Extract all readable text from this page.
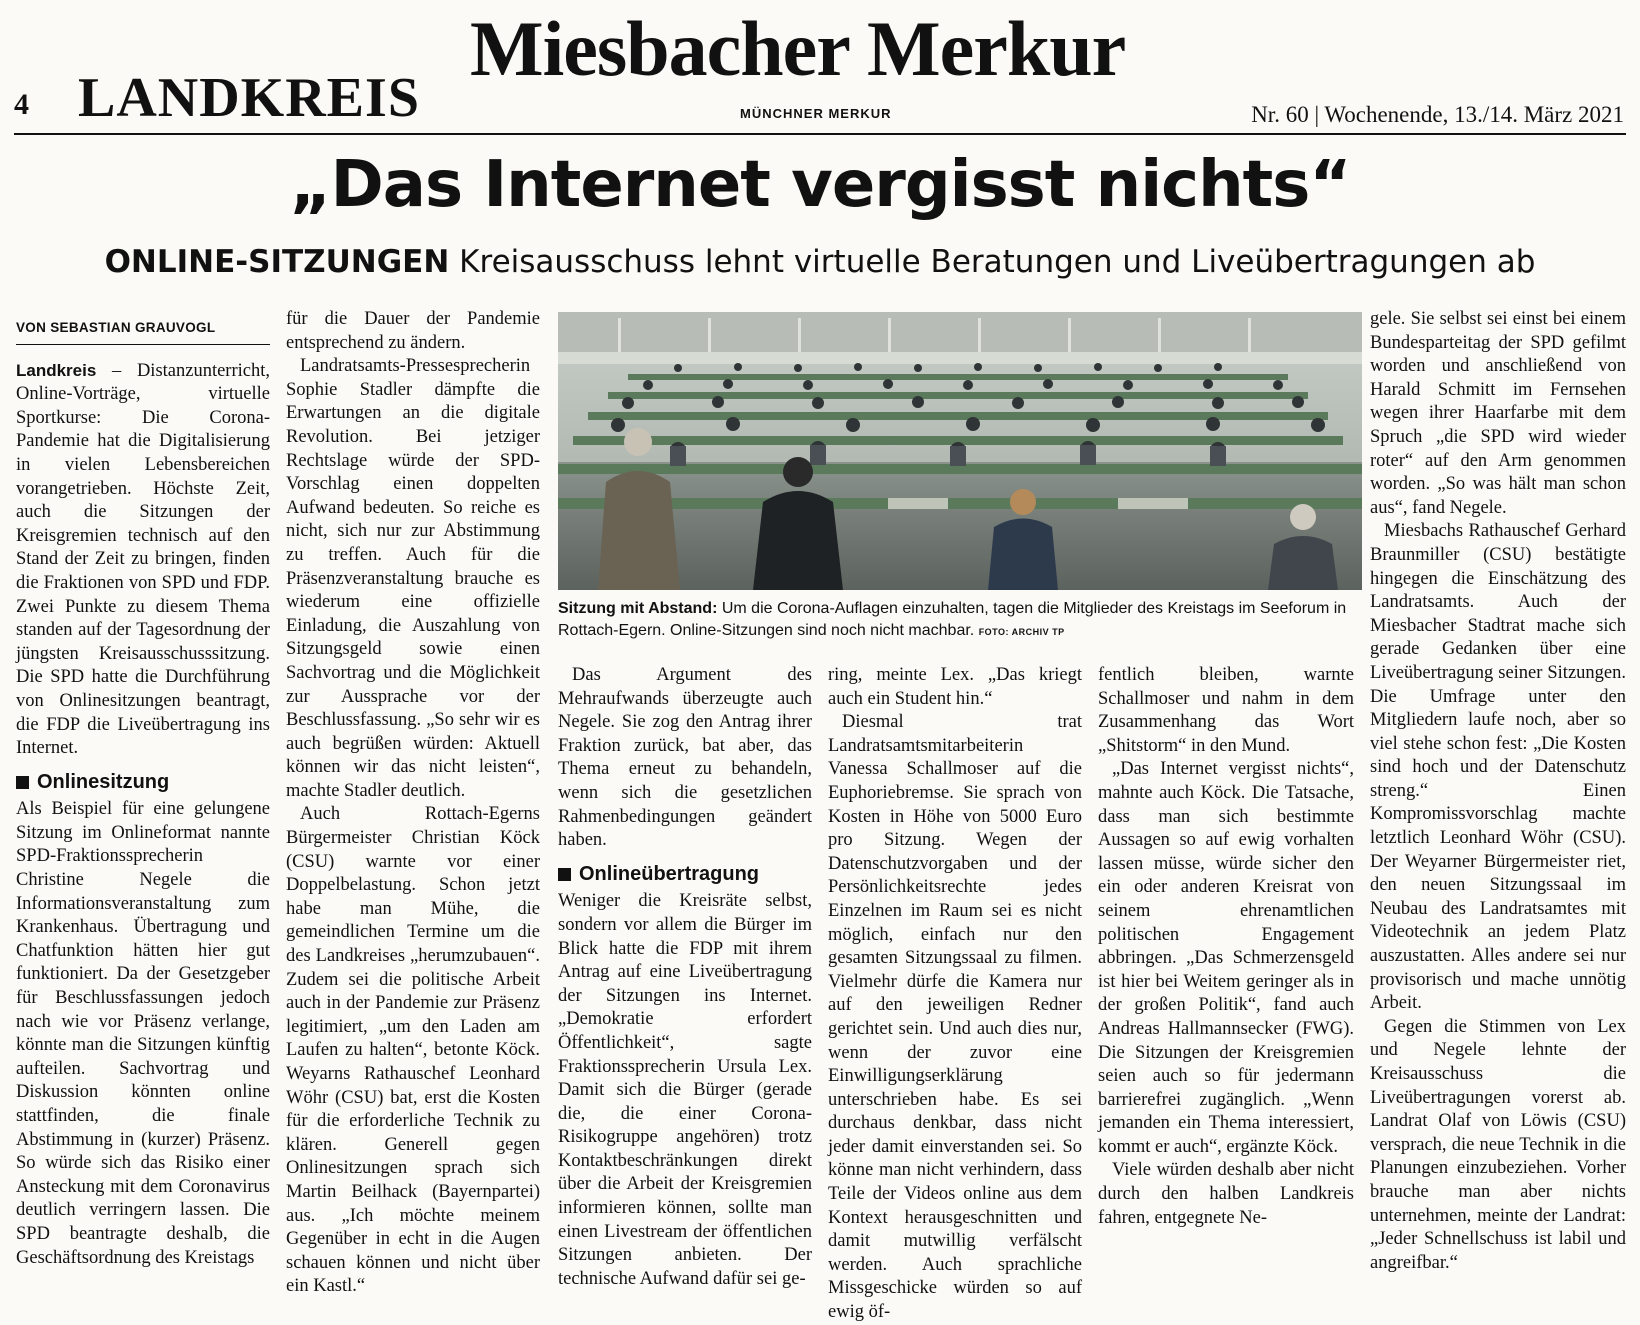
4 LANDKREIS
Miesbacher Merkur
MÜNCHNER MERKUR	Nr. 60 | Wochenende, 13./14. März 2021
„Das Internet vergisst nichts“
ONLINE-SITZUNGEN Kreisausschuss lehnt virtuelle Beratungen und Liveübertragungen ab
VON SEBASTIAN GRAUVOGL

Landkreis – Distanzunterricht, Online-Vorträge, virtuelle Sportkurse: Die Corona-Pandemie hat die Digitalisierung in vielen Lebensbereichen vorangetrieben. Höchste Zeit, auch die Sitzungen der Kreisgremien technisch auf den Stand der Zeit zu bringen, finden die Fraktionen von SPD und FDP. Zwei Punkte zu diesem Thema standen auf der Tagesordnung der jüngsten Kreisausschusssitzung. Die SPD hatte die Durchführung von Onlinesitzungen beantragt, die FDP die Liveübertragung ins Internet.

Onlinesitzung

Als Beispiel für eine gelungene Sitzung im Onlineformat nannte SPD-Fraktionssprecherin Christine Negele die Informationsveranstaltung zum Krankenhaus. Übertragung und Chatfunktion hätten hier gut funktioniert. Da der Gesetzgeber für Beschlussfassungen jedoch nach wie vor Präsenz verlange, könnte man die Sitzungen künftig aufteilen. Sachvortrag und Diskussion könnten online stattfinden, die finale Abstimmung in (kurzer) Präsenz. So würde sich das Risiko einer Ansteckung mit dem Coronavirus deutlich verringern lassen. Die SPD beantragte deshalb, die Geschäftsordnung des Kreistags

für die Dauer der Pandemie entsprechend zu ändern.

Landratsamts-Pressesprecherin Sophie Stadler dämpfte die Erwartungen an die digitale Revolution. Bei jetziger Rechtslage würde der SPD-Vorschlag einen doppelten Aufwand bedeuten. So reiche es nicht, sich nur zur Abstimmung zu treffen. Auch für die Präsenzveranstaltung brauche es wiederum eine offizielle Einladung, die Auszahlung von Sitzungsgeld sowie einen Sachvortrag und die Möglichkeit zur Aussprache vor der Beschlussfassung. „So sehr wir es auch begrüßen würden: Aktuell können wir das nicht leisten“, machte Stadler deutlich.

Auch Rottach-Egerns Bürgermeister Christian Köck (CSU) warnte vor einer Doppelbelastung. Schon jetzt habe man Mühe, die gemeindlichen Termine um die des Landkreises „herumzubauen“. Zudem sei die politische Arbeit auch in der Pandemie zur Präsenz legitimiert, „um den Laden am Laufen zu halten“, betonte Köck. Weyarns Rathauschef Leonhard Wöhr (CSU) bat, erst die Kosten für die erforderliche Technik zu klären. Generell gegen Onlinesitzungen sprach sich Martin Beilhack (Bayernpartei) aus. „Ich möchte meinem Gegenüber in echt in die Augen schauen können und nicht über ein Kastl.“

Sitzung mit Abstand: Um die Corona-Auflagen einzuhalten, tagen die Mitglieder des Kreistags im Seeforum in Rottach-Egern. Online-Sitzungen sind noch nicht machbar. FOTO: ARCHIV TP

Das Argument des Mehraufwands überzeugte auch Negele. Sie zog den Antrag ihrer Fraktion zurück, bat aber, das Thema erneut zu behandeln, wenn sich die gesetzlichen Rahmenbedingungen geändert haben.

Onlineübertragung

Weniger die Kreisräte selbst, sondern vor allem die Bürger im Blick hatte die FDP mit ihrem Antrag auf eine Liveübertragung der Sitzungen ins Internet. „Demokratie erfordert Öffentlichkeit“, sagte Fraktionssprecherin Ursula Lex. Damit sich die Bürger (gerade die, die einer Corona-Risikogruppe angehören) trotz Kontaktbeschränkungen direkt über die Arbeit der Kreisgremien informieren können, sollte man einen Livestream der öffentlichen Sitzungen anbieten. Der technische Aufwand dafür sei ge-

ring, meinte Lex. „Das kriegt auch ein Student hin.“

Diesmal trat Landratsamtsmitarbeiterin Vanessa Schallmoser auf die Euphoriebremse. Sie sprach von Kosten in Höhe von 5000 Euro pro Sitzung. Wegen der Datenschutzvorgaben und der Persönlichkeitsrechte jedes Einzelnen im Raum sei es nicht möglich, einfach nur den gesamten Sitzungssaal zu filmen. Vielmehr dürfe die Kamera nur auf den jeweiligen Redner gerichtet sein. Und auch dies nur, wenn der zuvor eine Einwilligungserklärung unterschrieben habe. Es sei durchaus denkbar, dass nicht jeder damit einverstanden sei. So könne man nicht verhindern, dass Teile der Videos online aus dem Kontext herausgeschnitten und damit mutwillig verfälscht werden. Auch sprachliche Missgeschicke würden so auf ewig öf-

fentlich bleiben, warnte Schallmoser und nahm in dem Zusammenhang das Wort „Shitstorm“ in den Mund.

„Das Internet vergisst nichts“, mahnte auch Köck. Die Tatsache, dass man sich bestimmte Aussagen so auf ewig vorhalten lassen müsse, würde sicher den ein oder anderen Kreisrat von seinem ehrenamtlichen politischen Engagement abbringen. „Das Schmerzensgeld ist hier bei Weitem geringer als in der großen Politik“, fand auch Andreas Hallmannsecker (FWG). Die Sitzungen der Kreisgremien seien auch so für jedermann barrierefrei zugänglich. „Wenn jemanden ein Thema interessiert, kommt er auch“, ergänzte Köck.

Viele würden deshalb aber nicht durch den halben Landkreis fahren, entgegnete Ne-

gele. Sie selbst sei einst bei einem Bundesparteitag der SPD gefilmt worden und anschließend von Harald Schmitt im Fernsehen wegen ihrer Haarfarbe mit dem Spruch „die SPD wird wieder roter“ auf den Arm genommen worden. „So was hält man schon aus“, fand Negele.

Miesbachs Rathauschef Gerhard Braunmiller (CSU) bestätigte hingegen die Einschätzung des Landratsamts. Auch der Miesbacher Stadtrat mache sich gerade Gedanken über eine Liveübertragung seiner Sitzungen. Die Umfrage unter den Mitgliedern laufe noch, aber so viel stehe schon fest: „Die Kosten sind hoch und der Datenschutz streng.“ Einen Kompromissvorschlag machte letztlich Leonhard Wöhr (CSU). Der Weyarner Bürgermeister riet, den neuen Sitzungssaal im Neubau des Landratsamtes mit Videotechnik an jedem Platz auszustatten. Alles andere sei nur provisorisch und mache unnötig Arbeit.

Gegen die Stimmen von Lex und Negele lehnte der Kreisausschuss die Liveübertragungen vorerst ab. Landrat Olaf von Löwis (CSU) versprach, die neue Technik in die Planungen einzubeziehen. Vorher brauche man aber nichts unternehmen, meinte der Landrat: „Jeder Schnellschuss ist labil und angreifbar.“
